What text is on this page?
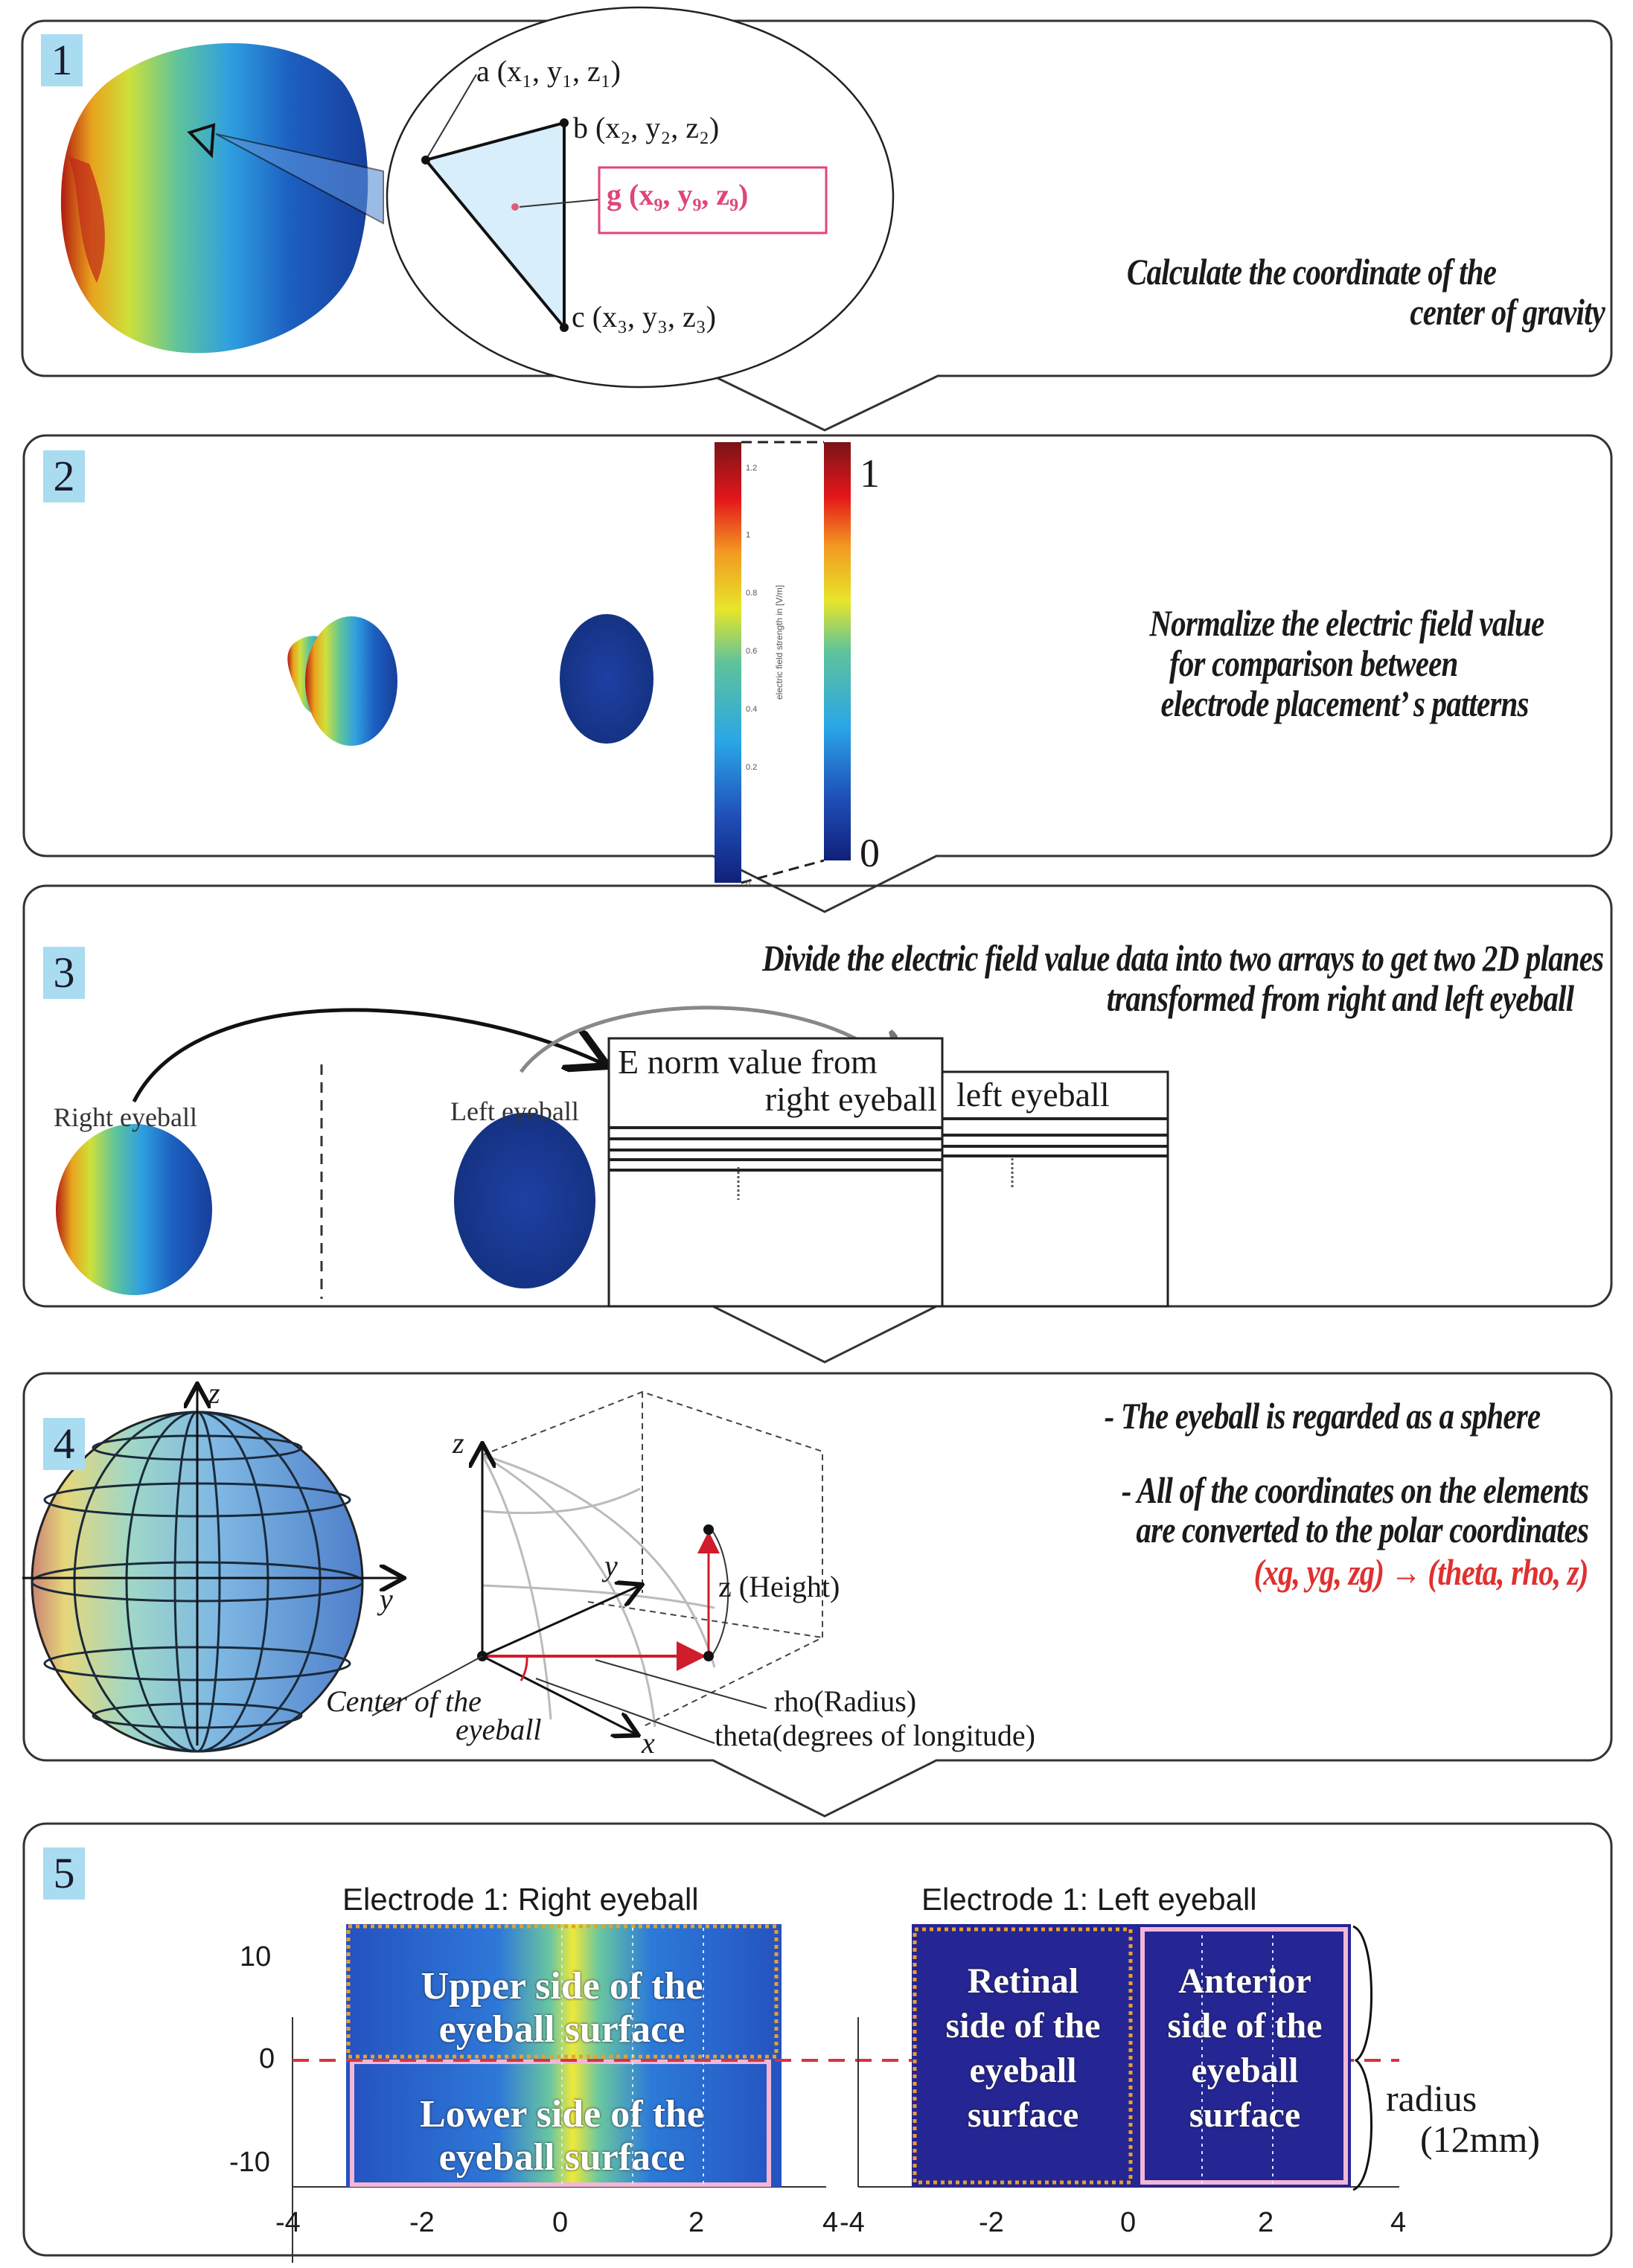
1	a (x₁, y₁, z₁)
b (x₂, y₂, z₂)
c (x₃, y₃, z₃)
g (x₉, y₉, z₉)
Calculate the coordinate of the
center of gravity
2	1.2
1
0.8
0.6
0.4
0.2
0
electric field strength in [V/m]
1
0
Normalize the electric field value
for comparison between
electrode placement’ s patterns
3	Divide the electric field value data into two arrays to get two 2D planes
transformed from right and left eyeball
Right eyeball	Left eyeball
E norm value from
right eyeball left eyeball
4
z
y
z
y
x
Center of the
eyeball
z (Height)
rho(Radius)
theta(degrees of longitude)
- The eyeball is regarded as a sphere
- All of the coordinates on the elements
are converted to the polar coordinates
(xɡ, yɡ, zɡ) → (theta, rho, z)
5
Electrode 1: Right eyeball	Electrode 1: Left eyeball
Upper side of the
eyeball surface
Lower side of the
eyeball surface
Retinal
side of the
eyeball
surface
Anterior
side of the
eyeball
surface	radius
(12mm)
10
0
-10
-4	-2	0	2	4 -4	-2	0	2	4
